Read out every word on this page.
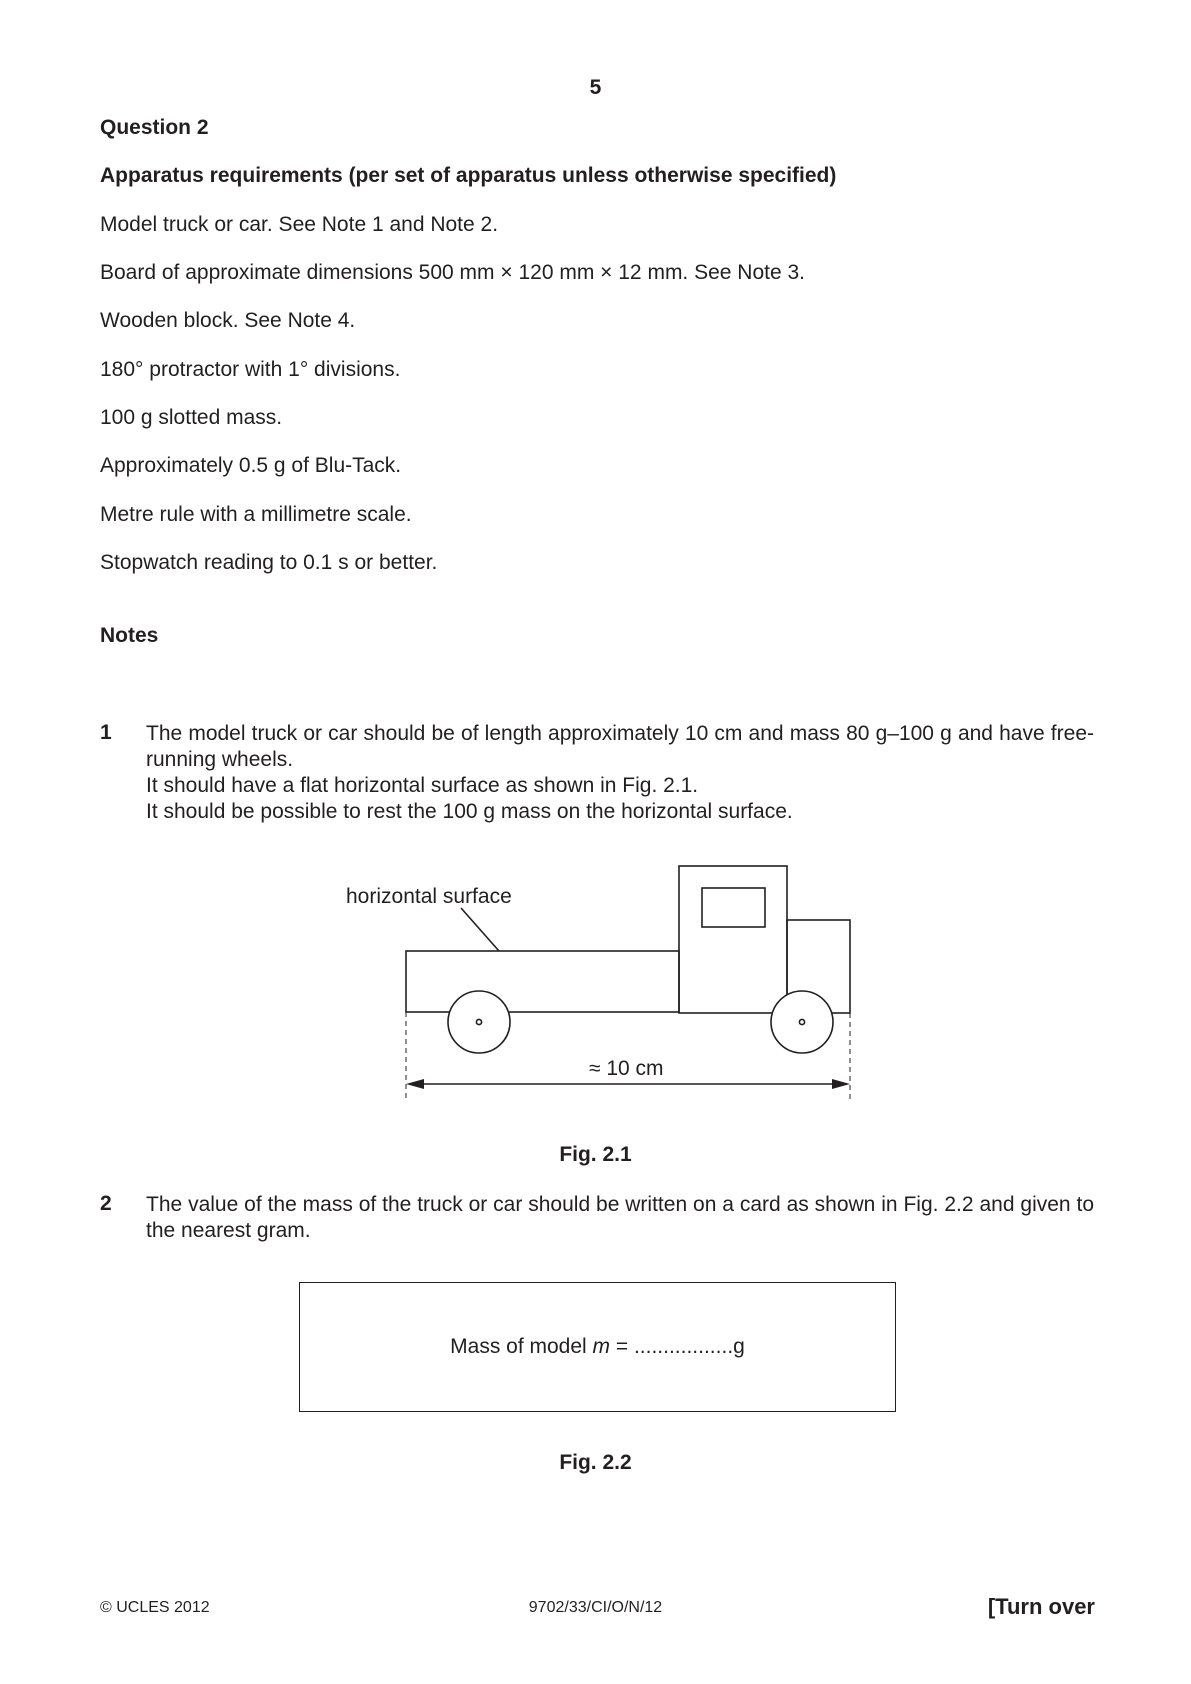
5
Question 2
Apparatus requirements (per set of apparatus unless otherwise specified)
Model truck or car. See Note 1 and Note 2.
Board of approximate dimensions 500 mm × 120 mm × 12 mm. See Note 3.
Wooden block. See Note 4.
180° protractor with 1° divisions.
100 g slotted mass.
Approximately 0.5 g of Blu-Tack.
Metre rule with a millimetre scale.
Stopwatch reading to 0.1 s or better.
Notes
1 The model truck or car should be of length approximately 10 cm and mass 80 g–100 g and have free-running wheels.

It should have a flat horizontal surface as shown in Fig. 2.1.

It should be possible to rest the 100 g mass on the horizontal surface.

horizontal surface
≈ 10 cm
Fig. 2.1
2 The value of the mass of the truck or car should be written on a card as shown in Fig. 2.2 and given to the nearest gram.

Mass of model m = .................g
Fig. 2.2
© UCLES 2012	9702/33/CI/O/N/12	[Turn over
